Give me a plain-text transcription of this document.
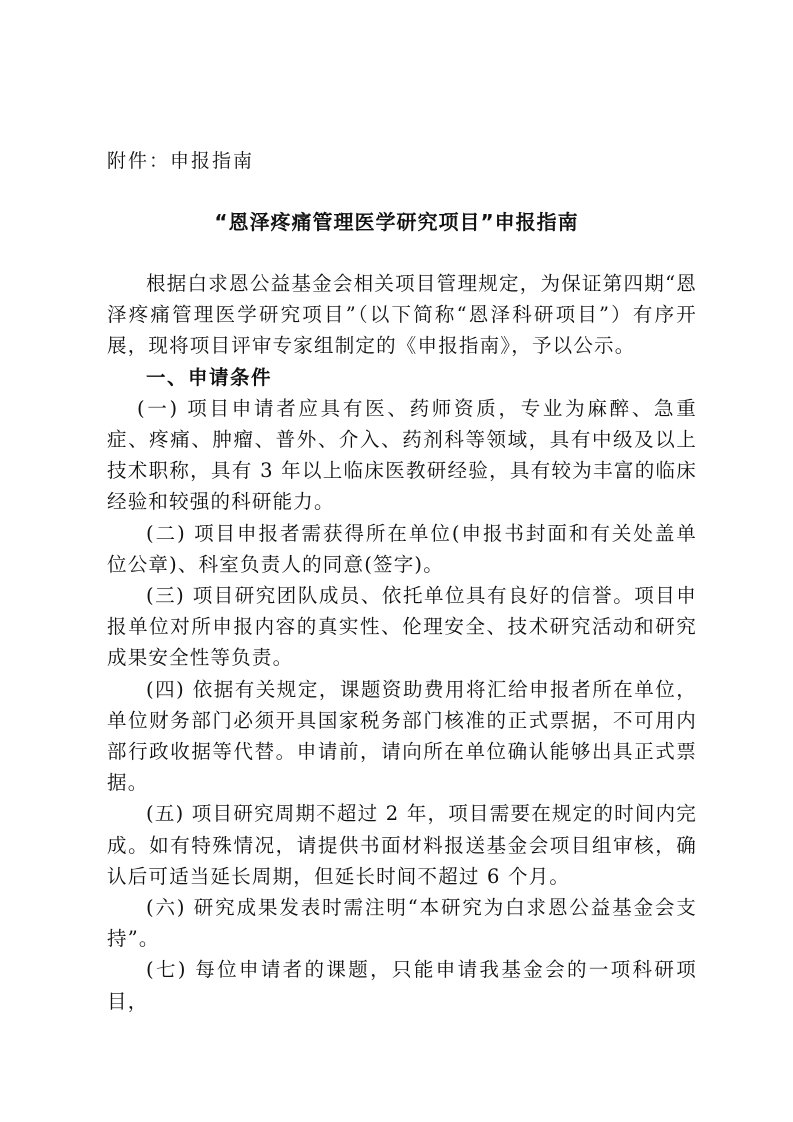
附件：申报指南
“恩泽疼痛管理医学研究项目”申报指南

根据白求恩公益基金会相关项目管理规定，为保证第四期“恩泽疼痛管理医学研究项目”（以下简称“恩泽科研项目”）有序开展，现将项目评审专家组制定的《申报指南》，予以公示。

一、申请条件

(一) 项目申请者应具有医、药师资质，专业为麻醉、急重症、疼痛、肿瘤、普外、介入、药剂科等领域，具有中级及以上技术职称，具有 3 年以上临床医教研经验，具有较为丰富的临床经验和较强的科研能力。

(二) 项目申报者需获得所在单位(申报书封面和有关处盖单位公章)、科室负责人的同意(签字)。

(三) 项目研究团队成员、依托单位具有良好的信誉。项目申报单位对所申报内容的真实性、伦理安全、技术研究活动和研究成果安全性等负责。

(四) 依据有关规定，课题资助费用将汇给申报者所在单位，单位财务部门必须开具国家税务部门核准的正式票据，不可用内部行政收据等代替。申请前，请向所在单位确认能够出具正式票据。

(五) 项目研究周期不超过 2 年，项目需要在规定的时间内完成。如有特殊情况，请提供书面材料报送基金会项目组审核，确认后可适当延长周期，但延长时间不超过 6 个月。

(六) 研究成果发表时需注明“本研究为白求恩公益基金会支持”。

(七) 每位申请者的课题，只能申请我基金会的一项科研项目，
